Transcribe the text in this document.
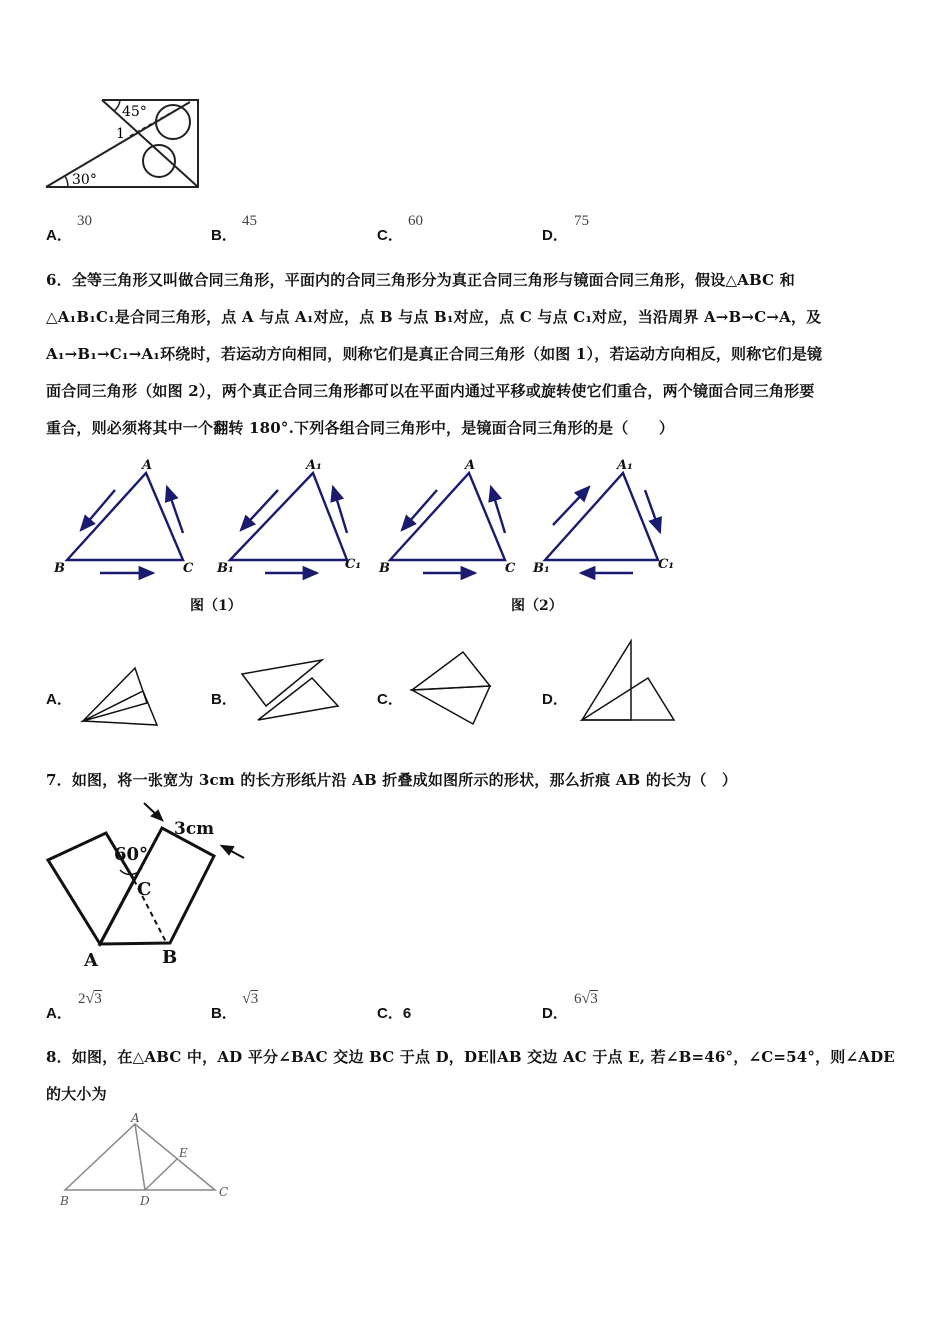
45°
1
30°
A．
30
B．
45
C．
60
D．
75
6．全等三角形又叫做合同三角形，平面内的合同三角形分为真正合同三角形与镜面合同三角形，假设△ABC 和
△A₁B₁C₁是合同三角形，点 A 与点 A₁对应，点 B 与点 B₁对应，点 C 与点 C₁对应，当沿周界 A→B→C→A，及
A₁→B₁→C₁→A₁环绕时，若运动方向相同，则称它们是真正合同三角形（如图 1），若运动方向相反，则称它们是镜
面合同三角形（如图 2），两个真正合同三角形都可以在平面内通过平移或旋转使它们重合，两个镜面合同三角形要
重合，则必须将其中一个翻转 180°.下列各组合同三角形中，是镜面合同三角形的是（　　）
A
B	C
A₁
B₁	C₁
A
B	C
A₁
B₁	C₁
图（1）	图（2）
A．	B．	C．	D．
7．如图，将一张宽为 3cm 的长方形纸片沿 AB 折叠成如图所示的形状，那么折痕 AB 的长为（　）
3cm
60°
C
A	B
A．
2√3
B．
√3
C．6	D．
6√3
8．如图，在△ABC 中，AD 平分∠BAC 交边 BC 于点 D，DE∥AB 交边 AC 于点 E, 若∠B=46°，∠C=54°，则∠ADE
的大小为
A
B
C
D
E
